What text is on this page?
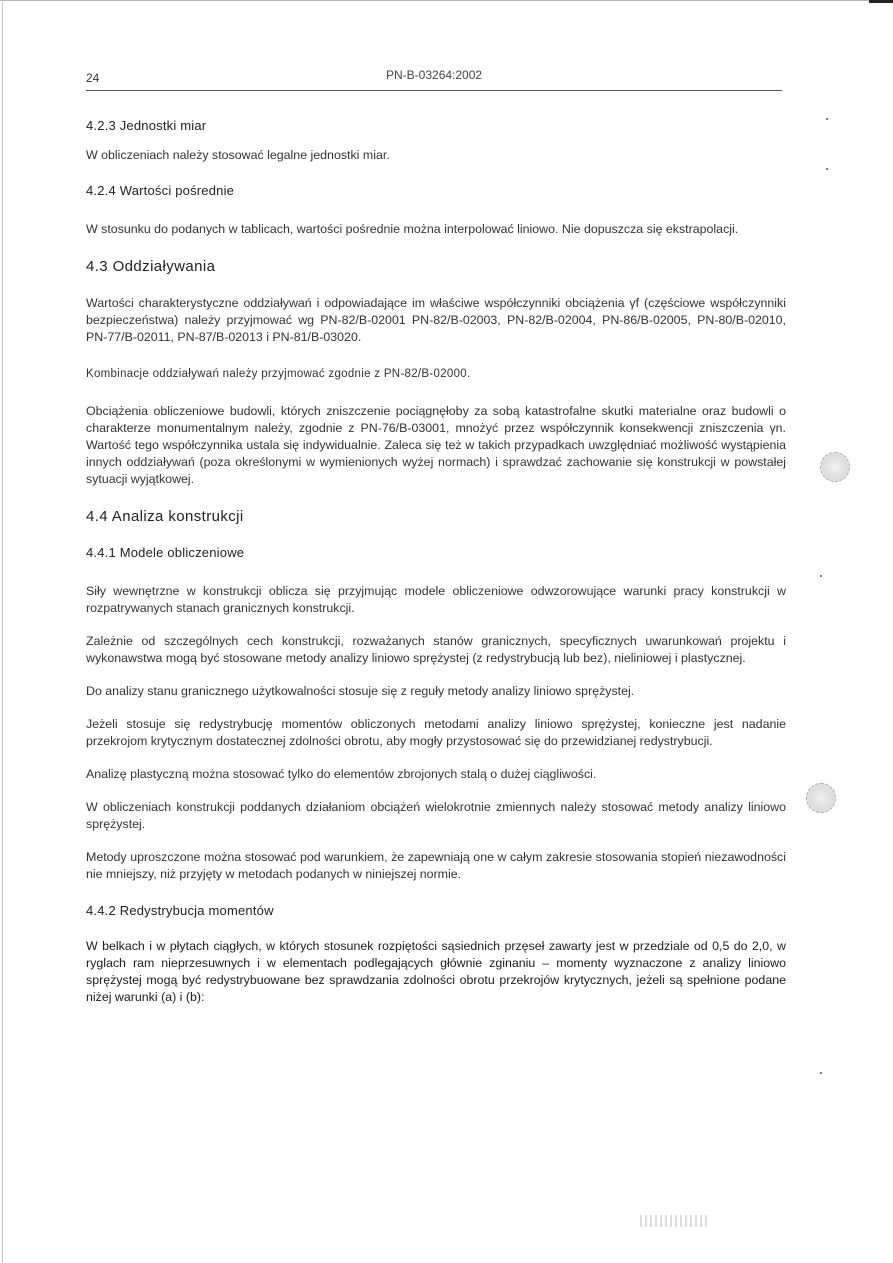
24	PN-B-03264:2002
4.2.3 Jednostki miar

W obliczeniach należy stosować legalne jednostki miar.

4.2.4 Wartości pośrednie

W stosunku do podanych w tablicach, wartości pośrednie można interpolować liniowo. Nie dopuszcza się ekstrapolacji.

4.3 Oddziaływania

Wartości charakterystyczne oddziaływań i odpowiadające im właściwe współczynniki obciążenia γf (częściowe współczynniki bezpieczeństwa) należy przyjmować wg PN-82/B-02001 PN-82/B-02003, PN-82/B-02004, PN-86/B-02005, PN-80/B-02010, PN-77/B-02011, PN-87/B-02013 i PN-81/B-03020.

Kombinacje oddziaływań należy przyjmować zgodnie z PN-82/B-02000.

Obciążenia obliczeniowe budowli, których zniszczenie pociągnęłoby za sobą katastrofalne skutki materialne oraz budowli o charakterze monumentalnym należy, zgodnie z PN-76/B-03001, mnożyć przez współczynnik konsekwencji zniszczenia γn. Wartość tego współczynnika ustala się indywidualnie. Zaleca się też w takich przypadkach uwzględniać możliwość wystąpienia innych oddziaływań (poza określonymi w wymienionych wyżej normach) i sprawdzać zachowanie się konstrukcji w powstałej sytuacji wyjątkowej.

4.4 Analiza konstrukcji
4.4.1 Modele obliczeniowe

Siły wewnętrzne w konstrukcji oblicza się przyjmując modele obliczeniowe odwzorowujące warunki pracy konstrukcji w rozpatrywanych stanach granicznych konstrukcji.

Zależnie od szczególnych cech konstrukcji, rozważanych stanów granicznych, specyficznych uwarunkowań projektu i wykonawstwa mogą być stosowane metody analizy liniowo sprężystej (z redystrybucją lub bez), nieliniowej i plastycznej.

Do analizy stanu granicznego użytkowalności stosuje się z reguły metody analizy liniowo sprężystej.

Jeżeli stosuje się redystrybucję momentów obliczonych metodami analizy liniowo sprężystej, konieczne jest nadanie przekrojom krytycznym dostatecznej zdolności obrotu, aby mogły przystosować się do przewidzianej redystrybucji.

Analizę plastyczną można stosować tylko do elementów zbrojonych stalą o dużej ciągliwości.

W obliczeniach konstrukcji poddanych działaniom obciążeń wielokrotnie zmiennych należy stosować metody analizy liniowo sprężystej.

Metody uproszczone można stosować pod warunkiem, że zapewniają one w całym zakresie stosowania stopień niezawodności nie mniejszy, niż przyjęty w metodach podanych w niniejszej normie.

4.4.2 Redystrybucja momentów

W belkach i w płytach ciągłych, w których stosunek rozpiętości sąsiednich przęseł zawarty jest w przedziale od 0,5 do 2,0, w ryglach ram nieprzesuwnych i w elementach podlegających głównie zginaniu – momenty wyznaczone z analizy liniowo sprężystej mogą być redystrybuowane bez sprawdzania zdolności obrotu przekrojów krytycznych, jeżeli są spełnione podane niżej warunki (a) i (b):
